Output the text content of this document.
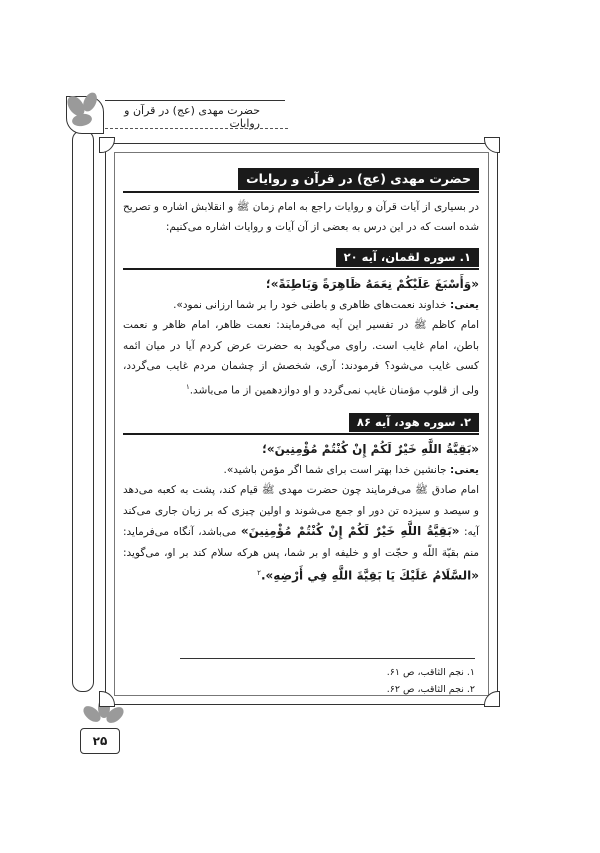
حضرت مهدی (عج) در قرآن و روایات
حضرت مهدی (عج) در قرآن و روایات

در بسیاری از آیات قرآن و روایات راجع به امام زمان ﷺ و انقلابش اشاره و تصریح شده است که در این درس به بعضی از آن آیات و روایات اشاره می‌کنیم:

۱. سوره لقمان، آیه ۲۰

«وَأَسْبَغَ عَلَيْكُمْ نِعَمَهُ ظَاهِرَةً وَبَاطِنَةً»؛

یعنی: خداوند نعمت‌های ظاهری و باطنی خود را بر شما ارزانی نمود».

امام کاظم ﷺ در تفسیر این آیه می‌فرمایند: نعمت ظاهر، امام ظاهر و نعمت باطن، امام غایب است. راوی می‌گوید به حضرت عرض کردم آیا در میان ائمه کسی غایب می‌شود؟ فرمودند: آری، شخصش از چشمان مردم غایب می‌گردد، ولی از قلوب مؤمنان غایب نمی‌گردد و او دوازدهمین از ما می‌باشد.$^۱$

۲. سوره هود، آیه ۸۶

«بَقِيَّةُ اللَّهِ خَيْرٌ لَكُمْ إِنْ كُنْتُمْ مُؤْمِنِينَ»؛

یعنی: جانشین خدا بهتر است برای شما اگر مؤمن باشید».

امام صادق ﷺ می‌فرمایند چون حضرت مهدی ﷺ قیام کند، پشت به کعبه می‌دهد و سیصد و سیزده تن دور او جمع می‌شوند و اولین چیزی که بر زبان جاری می‌کند آیه: «بَقِيَّةُ اللَّهِ خَيْرٌ لَكُمْ إِنْ كُنْتُمْ مُؤْمِنِينَ» می‌باشد، آنگاه می‌فرماید: منم بقیّة اللّه و حجّت او و خلیفه او بر شما، پس هرکه سلام کند بر او، می‌گوید: «السَّلَامُ عَلَيْكَ يَا بَقِيَّةَ اللَّهِ فِي أَرْضِهِ».$^۲$

۱. نجم الثاقب، ص ۶۱.
۲. نجم الثاقب، ص ۶۲.
۲۵
